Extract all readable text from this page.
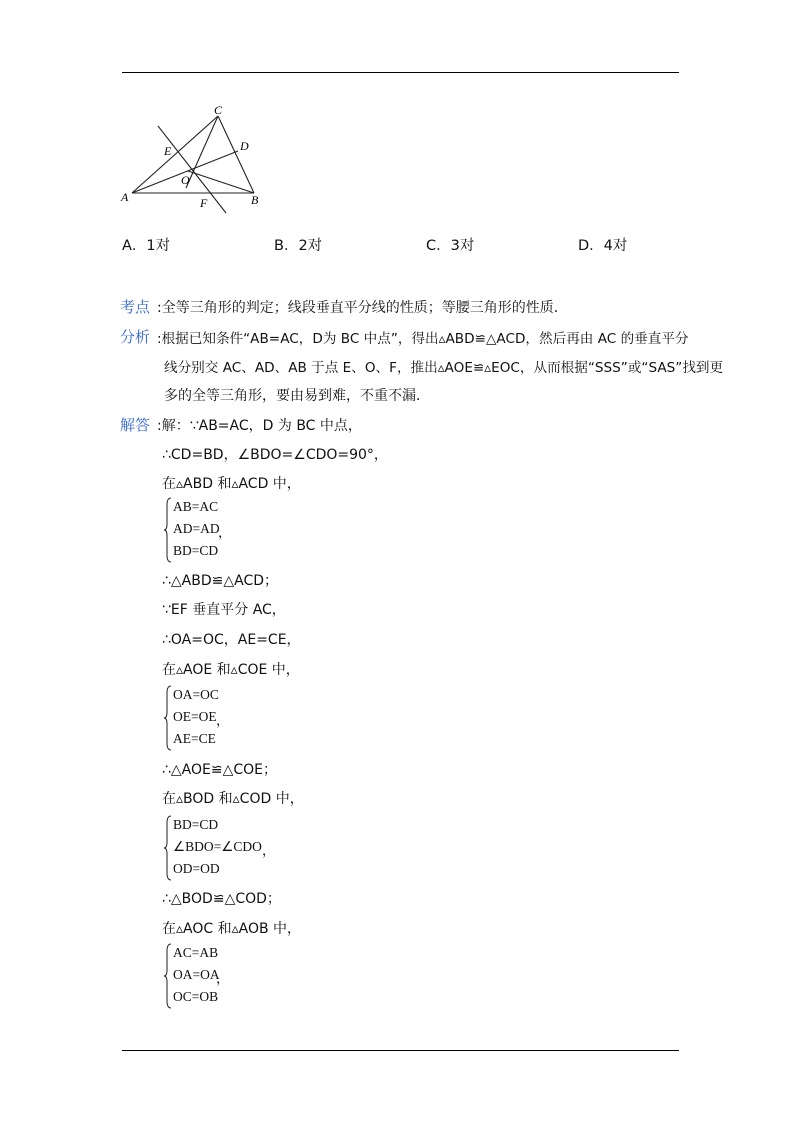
C
E	D
O
A	F	B
A．1对	B．2对	C．3对	D．4对
考点 :全等三角形的判定；线段垂直平分线的性质；等腰三角形的性质．
分析 :根据已知条件“AB=AC，D为 BC 中点”，得出▵ABD≌△ACD，然后再由 AC 的垂直平分
线分别交 AC、AD、AB 于点 E、O、F，推出▵AOE≌▵EOC，从而根据“SSS”或“SAS”找到更
多的全等三角形，要由易到难，不重不漏．
解答 :解：∵AB=AC，D 为 BC 中点，
∴CD=BD，∠BDO=∠CDO=90°，
在▵ABD 和▵ACD 中，
AB=AC
AD=AD
BD=CD
，
∴△ABD≌△ACD；
∵EF 垂直平分 AC，
∴OA=OC，AE=CE，
在▵AOE 和▵COE 中，
OA=OC
OE=OE
AE=CE
，
∴△AOE≌△COE；
在▵BOD 和▵COD 中，
BD=CD
∠BDO=∠CDO
OD=OD
，
∴△BOD≌△COD；
在▵AOC 和▵AOB 中，
AC=AB
OA=OA
OC=OB
，
